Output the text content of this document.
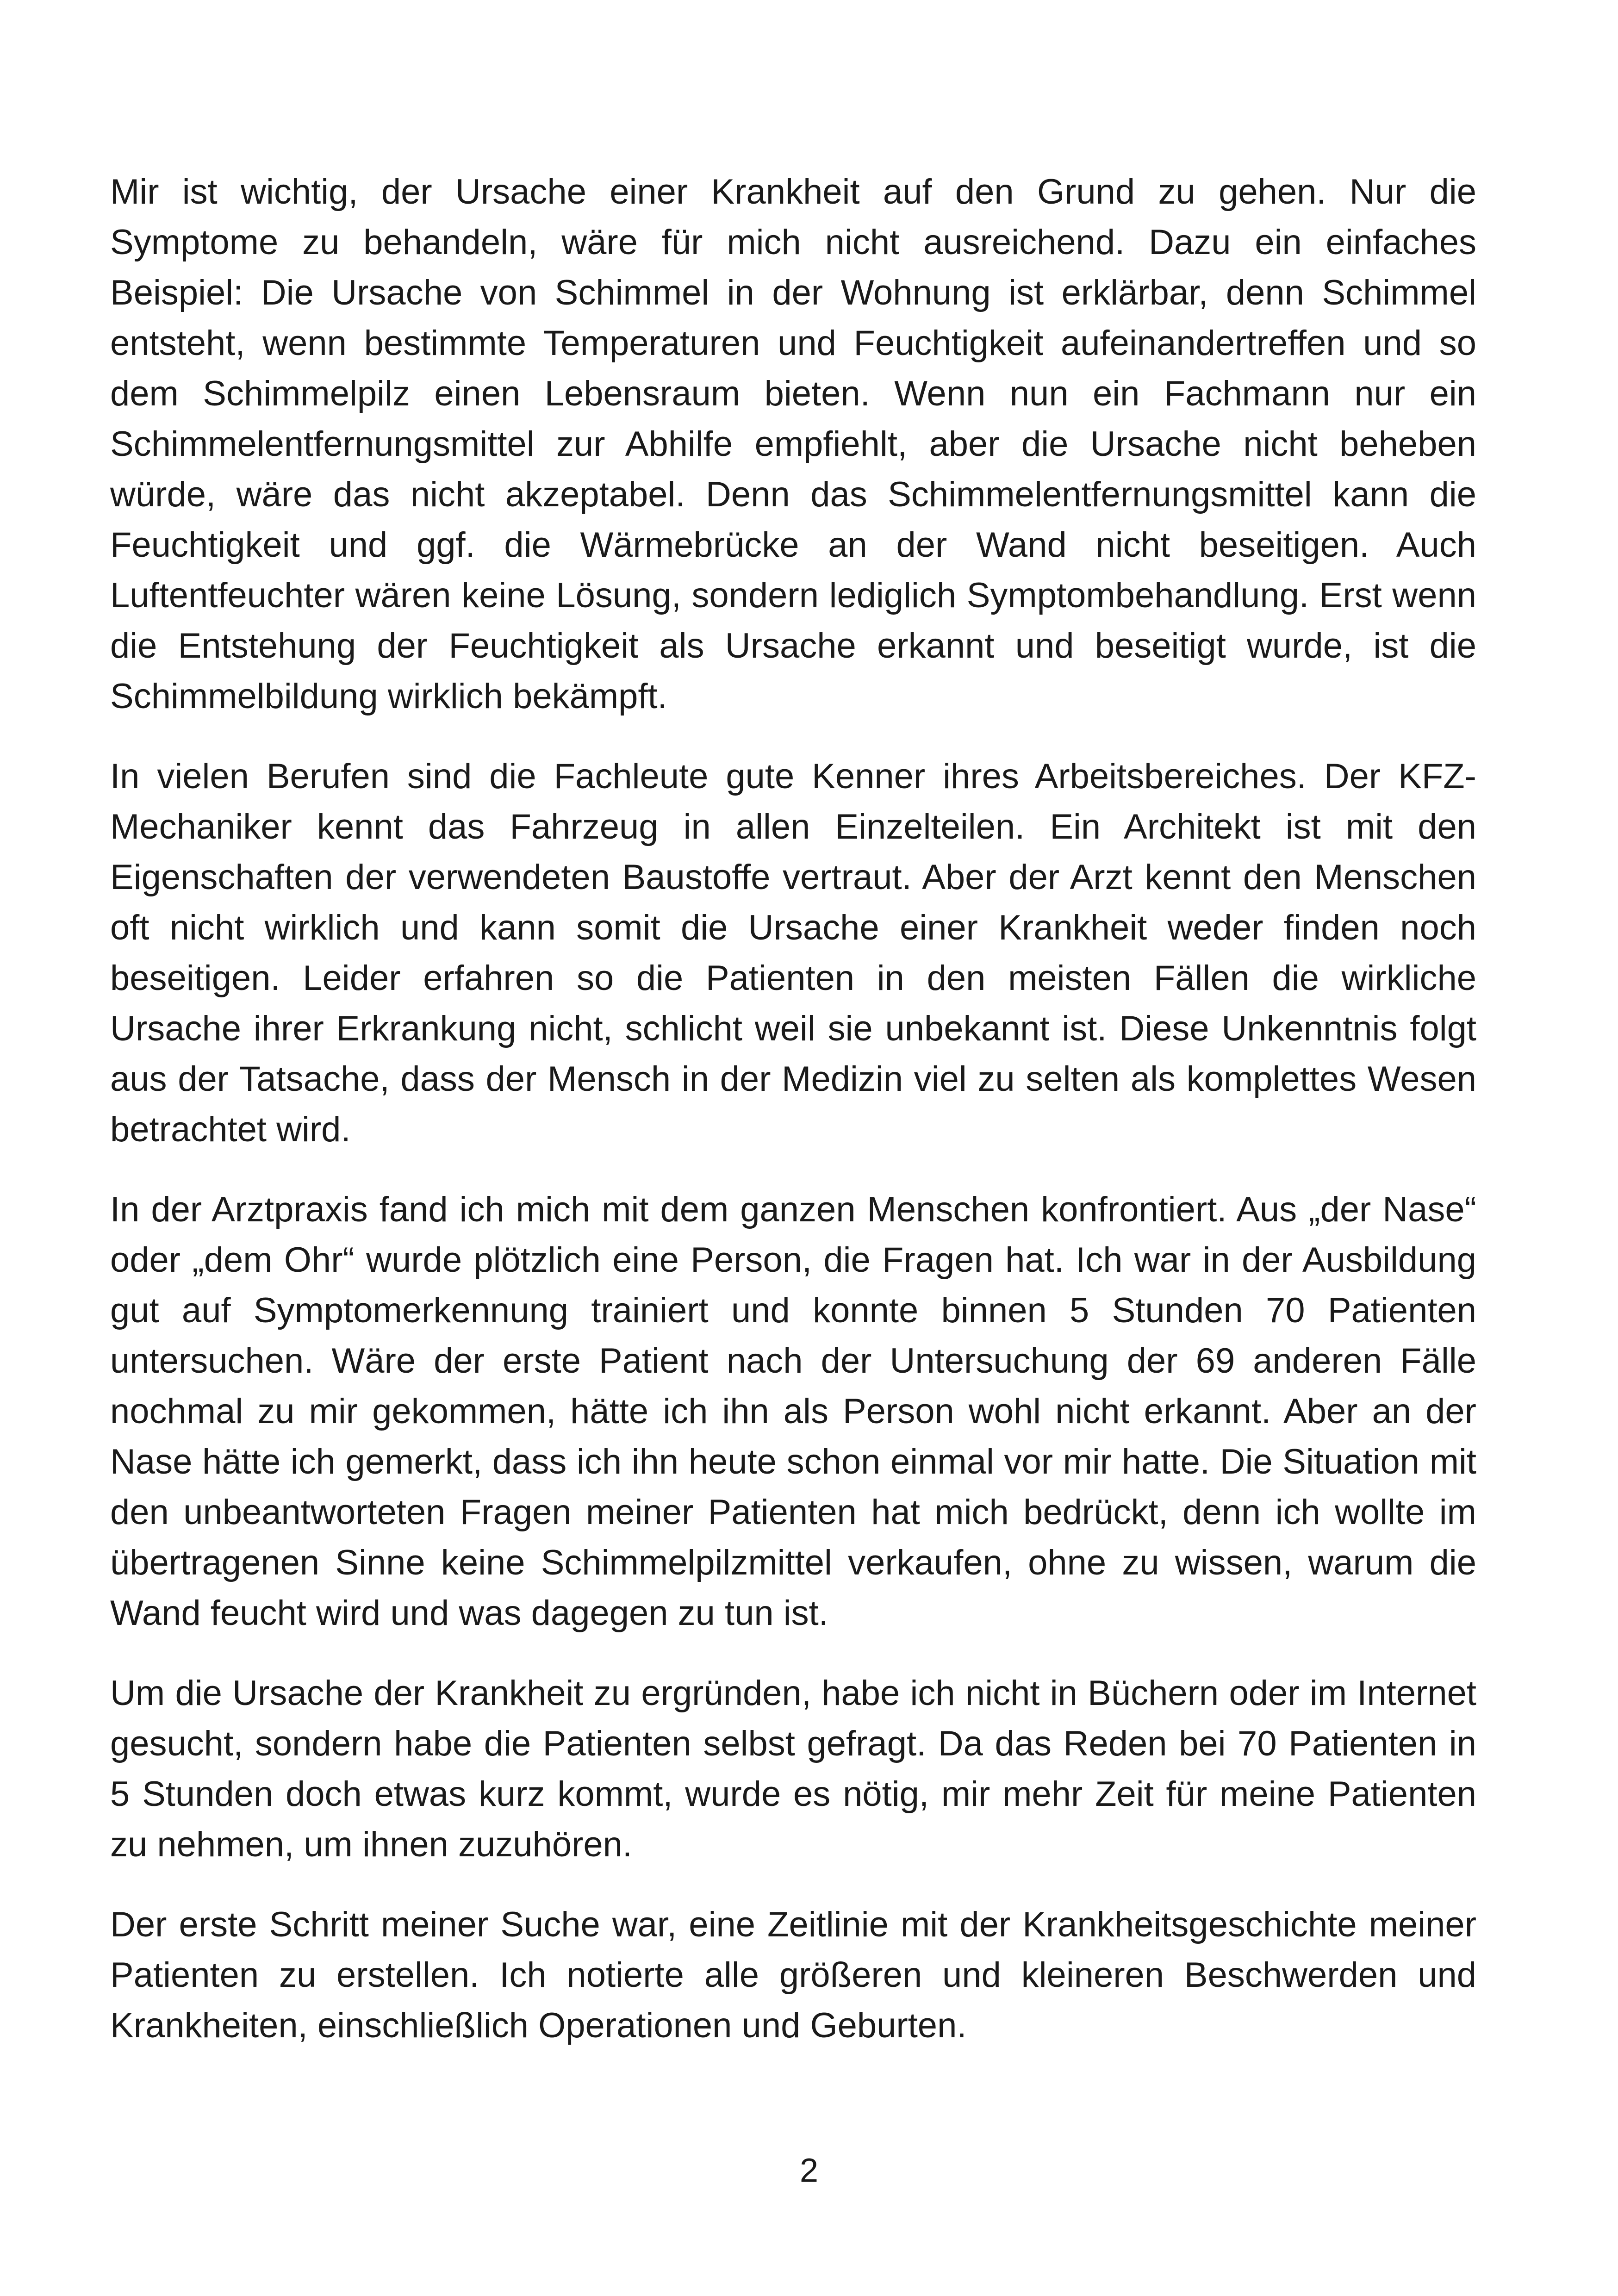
Mir ist wichtig, der Ursache einer Krankheit auf den Grund zu gehen. Nur die Symptome zu behandeln, wäre für mich nicht ausreichend. Dazu ein einfaches Beispiel: Die Ursache von Schimmel in der Wohnung ist erklärbar, denn Schimmel entsteht, wenn bestimmte Temperaturen und Feuchtigkeit aufeinandertreffen und so dem Schimmelpilz einen Lebensraum bieten. Wenn nun ein Fachmann nur ein Schimmelentfernungsmittel zur Abhilfe empfiehlt, aber die Ursache nicht beheben würde, wäre das nicht akzeptabel. Denn das Schimmelentfernungsmittel kann die Feuchtigkeit und ggf. die Wärmebrücke an der Wand nicht beseitigen. Auch Luftentfeuchter wären keine Lösung, sondern lediglich Symptombehandlung. Erst wenn die Entstehung der Feuchtigkeit als Ursache erkannt und beseitigt wurde, ist die Schimmelbildung wirklich bekämpft.

In vielen Berufen sind die Fachleute gute Kenner ihres Arbeitsbereiches. Der KFZ-Mechaniker kennt das Fahrzeug in allen Einzelteilen. Ein Architekt ist mit den Eigenschaften der verwendeten Baustoffe vertraut. Aber der Arzt kennt den Menschen oft nicht wirklich und kann somit die Ursache einer Krankheit weder finden noch beseitigen. Leider erfahren so die Patienten in den meisten Fällen die wirkliche Ursache ihrer Erkrankung nicht, schlicht weil sie unbekannt ist. Diese Unkenntnis folgt aus der Tatsache, dass der Mensch in der Medizin viel zu selten als komplettes Wesen betrachtet wird.

In der Arztpraxis fand ich mich mit dem ganzen Menschen konfrontiert. Aus „der Nase“ oder „dem Ohr“ wurde plötzlich eine Person, die Fragen hat. Ich war in der Ausbildung gut auf Symptomerkennung trainiert und konnte binnen 5 Stunden 70 Patienten untersuchen. Wäre der erste Patient nach der Untersuchung der 69 anderen Fälle nochmal zu mir gekommen, hätte ich ihn als Person wohl nicht erkannt. Aber an der Nase hätte ich gemerkt, dass ich ihn heute schon einmal vor mir hatte. Die Situation mit den unbeantworteten Fragen meiner Patienten hat mich bedrückt, denn ich wollte im übertragenen Sinne keine Schimmelpilzmittel verkaufen, ohne zu wissen, warum die Wand feucht wird und was dagegen zu tun ist.

Um die Ursache der Krankheit zu ergründen, habe ich nicht in Büchern oder im Internet gesucht, sondern habe die Patienten selbst gefragt. Da das Reden bei 70 Patienten in 5 Stunden doch etwas kurz kommt, wurde es nötig, mir mehr Zeit für meine Patienten zu nehmen, um ihnen zuzuhören.

Der erste Schritt meiner Suche war, eine Zeitlinie mit der Krankheitsgeschichte meiner Patienten zu erstellen. Ich notierte alle größeren und kleineren Beschwerden und Krankheiten, einschließlich Operationen und Geburten.

2
